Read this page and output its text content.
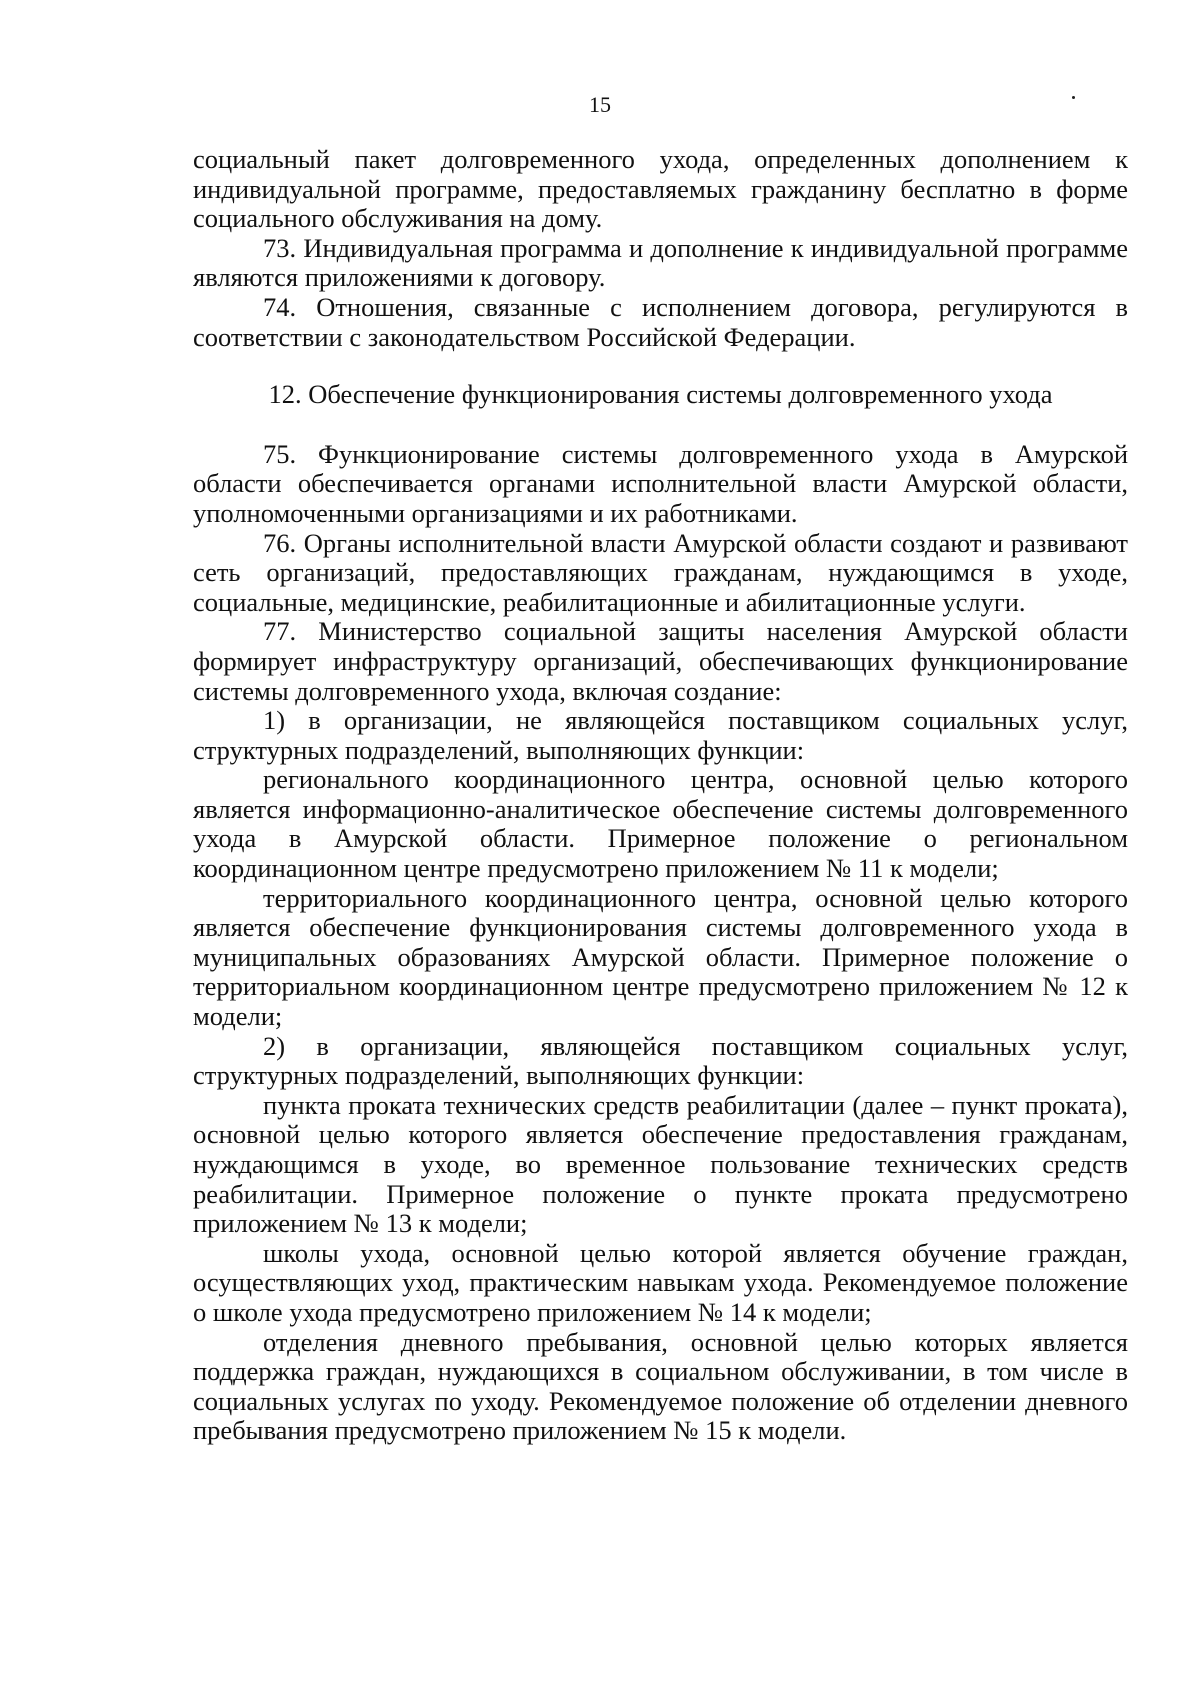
15

социальный пакет долговременного ухода, определенных дополнением к индивидуальной программе, предоставляемых гражданину бесплатно в форме социального обслуживания на дому.

73. Индивидуальная программа и дополнение к индивидуальной программе являются приложениями к договору.

74. Отношения, связанные с исполнением договора, регулируются в соответствии с законодательством Российской Федерации.

12. Обеспечение функционирования системы долговременного ухода

75. Функционирование системы долговременного ухода в Амурской области обеспечивается органами исполнительной власти Амурской области, уполномоченными организациями и их работниками.

76. Органы исполнительной власти Амурской области создают и развивают сеть организаций, предоставляющих гражданам, нуждающимся в уходе, социальные, медицинские, реабилитационные и абилитационные услуги.

77. Министерство социальной защиты населения Амурской области формирует инфраструктуру организаций, обеспечивающих функционирование системы долговременного ухода, включая создание:

1) в организации, не являющейся поставщиком социальных услуг, структурных подразделений, выполняющих функции:

регионального координационного центра, основной целью которого является информационно-аналитическое обеспечение системы долговременного ухода в Амурской области. Примерное положение о региональном координационном центре предусмотрено приложением № 11 к модели;

территориального координационного центра, основной целью которого является обеспечение функционирования системы долговременного ухода в муниципальных образованиях Амурской области. Примерное положение о территориальном координационном центре предусмотрено приложением № 12 к модели;

2) в организации, являющейся поставщиком социальных услуг, структурных подразделений, выполняющих функции:

пункта проката технических средств реабилитации (далее – пункт проката), основной целью которого является обеспечение предоставления гражданам, нуждающимся в уходе, во временное пользование технических средств реабилитации. Примерное положение о пункте проката предусмотрено приложением № 13 к модели;

школы ухода, основной целью которой является обучение граждан, осуществляющих уход, практическим навыкам ухода. Рекомендуемое положение о школе ухода предусмотрено приложением № 14 к модели;

отделения дневного пребывания, основной целью которых является поддержка граждан, нуждающихся в социальном обслуживании, в том числе в социальных услугах по уходу. Рекомендуемое положение об отделении дневного пребывания предусмотрено приложением № 15 к модели.
